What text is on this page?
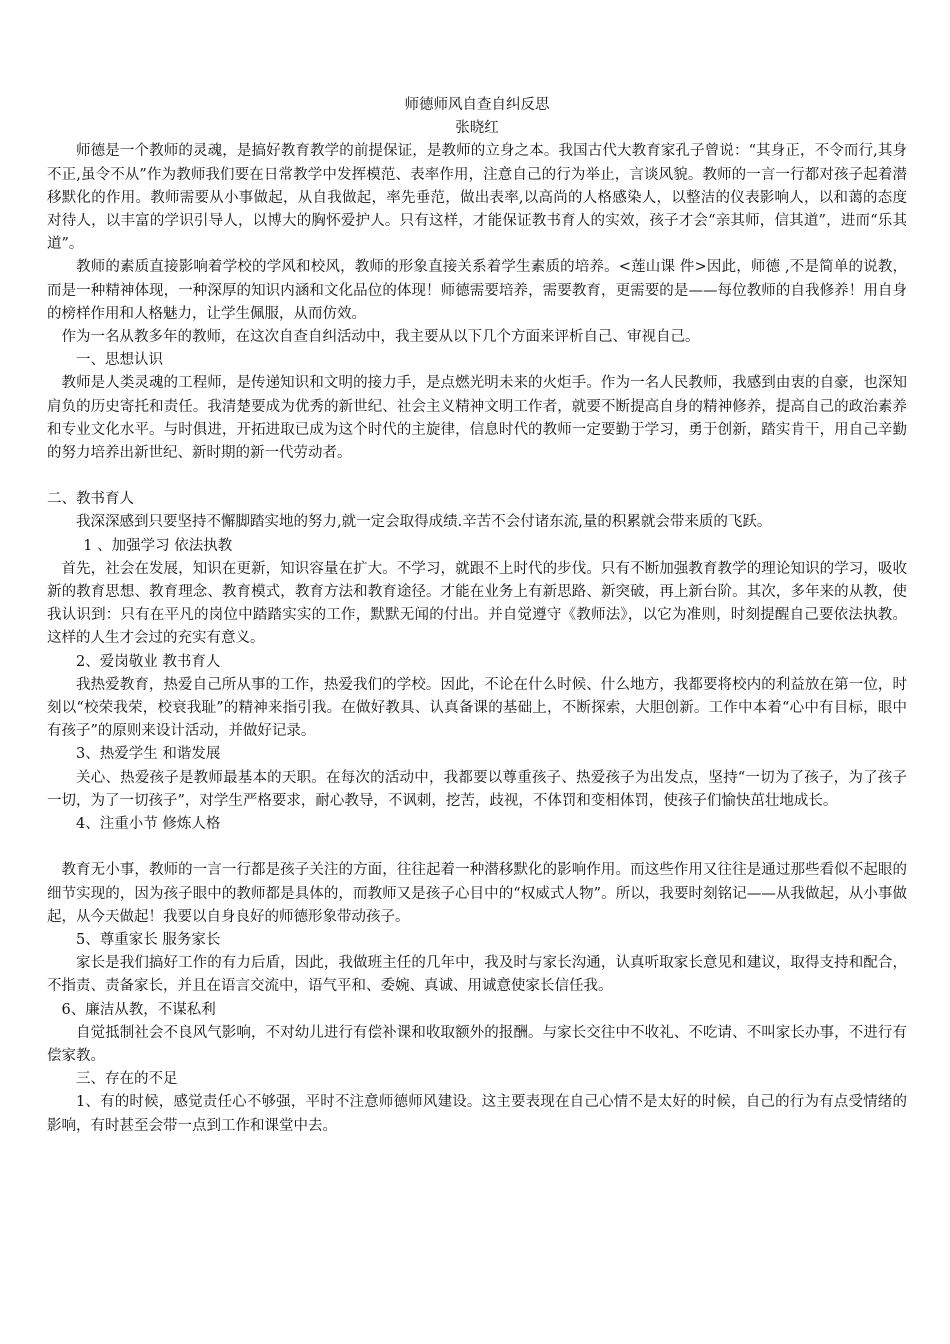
师德师风自查自纠反思

张晓红

师德是一个教师的灵魂，是搞好教育教学的前提保证，是教师的立身之本。我国古代大教育家孔子曾说：“其身正，不令而行,其身不正,虽令不从”作为教师我们要在日常教学中发挥模范、表率作用，注意自己的行为举止，言谈风貌。教师的一言一行都对孩子起着潜移默化的作用。教师需要从小事做起，从自我做起，率先垂范，做出表率,以高尚的人格感染人，以整洁的仪表影响人，以和蔼的态度对待人，以丰富的学识引导人，以博大的胸怀爱护人。只有这样，才能保证教书育人的实效，孩子才会“亲其师，信其道”，进而“乐其道”。

教师的素质直接影响着学校的学风和校风，教师的形象直接关系着学生素质的培养。<莲山课 件>因此，师德 ,不是简单的说教，而是一种精神体现，一种深厚的知识内涵和文化品位的体现！师德需要培养，需要教育，更需要的是——每位教师的自我修养！用自身的榜样作用和人格魅力，让学生佩服，从而仿效。

作为一名从教多年的教师，在这次自查自纠活动中，我主要从以下几个方面来评析自己、审视自己。

一、思想认识

教师是人类灵魂的工程师，是传递知识和文明的接力手，是点燃光明未来的火炬手。作为一名人民教师，我感到由衷的自豪，也深知肩负的历史寄托和责任。我清楚要成为优秀的新世纪、社会主义精神文明工作者，就要不断提高自身的精神修养，提高自己的政治素养和专业文化水平。与时俱进，开拓进取已成为这个时代的主旋律，信息时代的教师一定要勤于学习，勇于创新，踏实肯干，用自己辛勤的努力培养出新世纪、新时期的新一代劳动者。

二、教书育人

我深深感到只要坚持不懈脚踏实地的努力,就一定会取得成绩.辛苦不会付诸东流,量的积累就会带来质的飞跃。

1 、加强学习 依法执教

首先，社会在发展，知识在更新，知识容量在扩大。不学习，就跟不上时代的步伐。只有不断加强教育教学的理论知识的学习，吸收新的教育思想、教育理念、教育模式，教育方法和教育途径。才能在业务上有新思路、新突破，再上新台阶。其次，多年来的从教，使我认识到：只有在平凡的岗位中踏踏实实的工作，默默无闻的付出。并自觉遵守《教师法》，以它为准则，时刻提醒自己要依法执教。这样的人生才会过的充实有意义。

2、爱岗敬业 教书育人

我热爱教育，热爱自己所从事的工作，热爱我们的学校。因此，不论在什么时候、什么地方，我都要将校内的利益放在第一位，时刻以“校荣我荣，校衰我耻”的精神来指引我。在做好教具、认真备课的基础上，不断探索，大胆创新。工作中本着“心中有目标，眼中有孩子”的原则来设计活动，并做好记录。

3、热爱学生 和谐发展

关心、热爱孩子是教师最基本的天职。在每次的活动中，我都要以尊重孩子、热爱孩子为出发点，坚持“一切为了孩子，为了孩子一切，为了一切孩子”，对学生严格要求，耐心教导，不讽刺，挖苦，歧视，不体罚和变相体罚，使孩子们愉快茁壮地成长。

4、注重小节 修炼人格

教育无小事，教师的一言一行都是孩子关注的方面，往往起着一种潜移默化的影响作用。而这些作用又往往是通过那些看似不起眼的细节实现的，因为孩子眼中的教师都是具体的，而教师又是孩子心目中的“权威式人物”。所以，我要时刻铭记——从我做起，从小事做起，从今天做起！我要以自身良好的师德形象带动孩子。

5、尊重家长 服务家长

家长是我们搞好工作的有力后盾，因此，我做班主任的几年中，我及时与家长沟通，认真听取家长意见和建议，取得支持和配合，不指责、责备家长，并且在语言交流中，语气平和、委婉、真诚、用诚意使家长信任我。

6、廉洁从教，不谋私利

自觉抵制社会不良风气影响，不对幼儿进行有偿补课和收取额外的报酬。与家长交往中不收礼、不吃请、不叫家长办事，不进行有偿家教。

三、存在的不足

1、有的时候，感觉责任心不够强，平时不注意师德师风建设。这主要表现在自己心情不是太好的时候，自己的行为有点受情绪的影响，有时甚至会带一点到工作和课堂中去。
